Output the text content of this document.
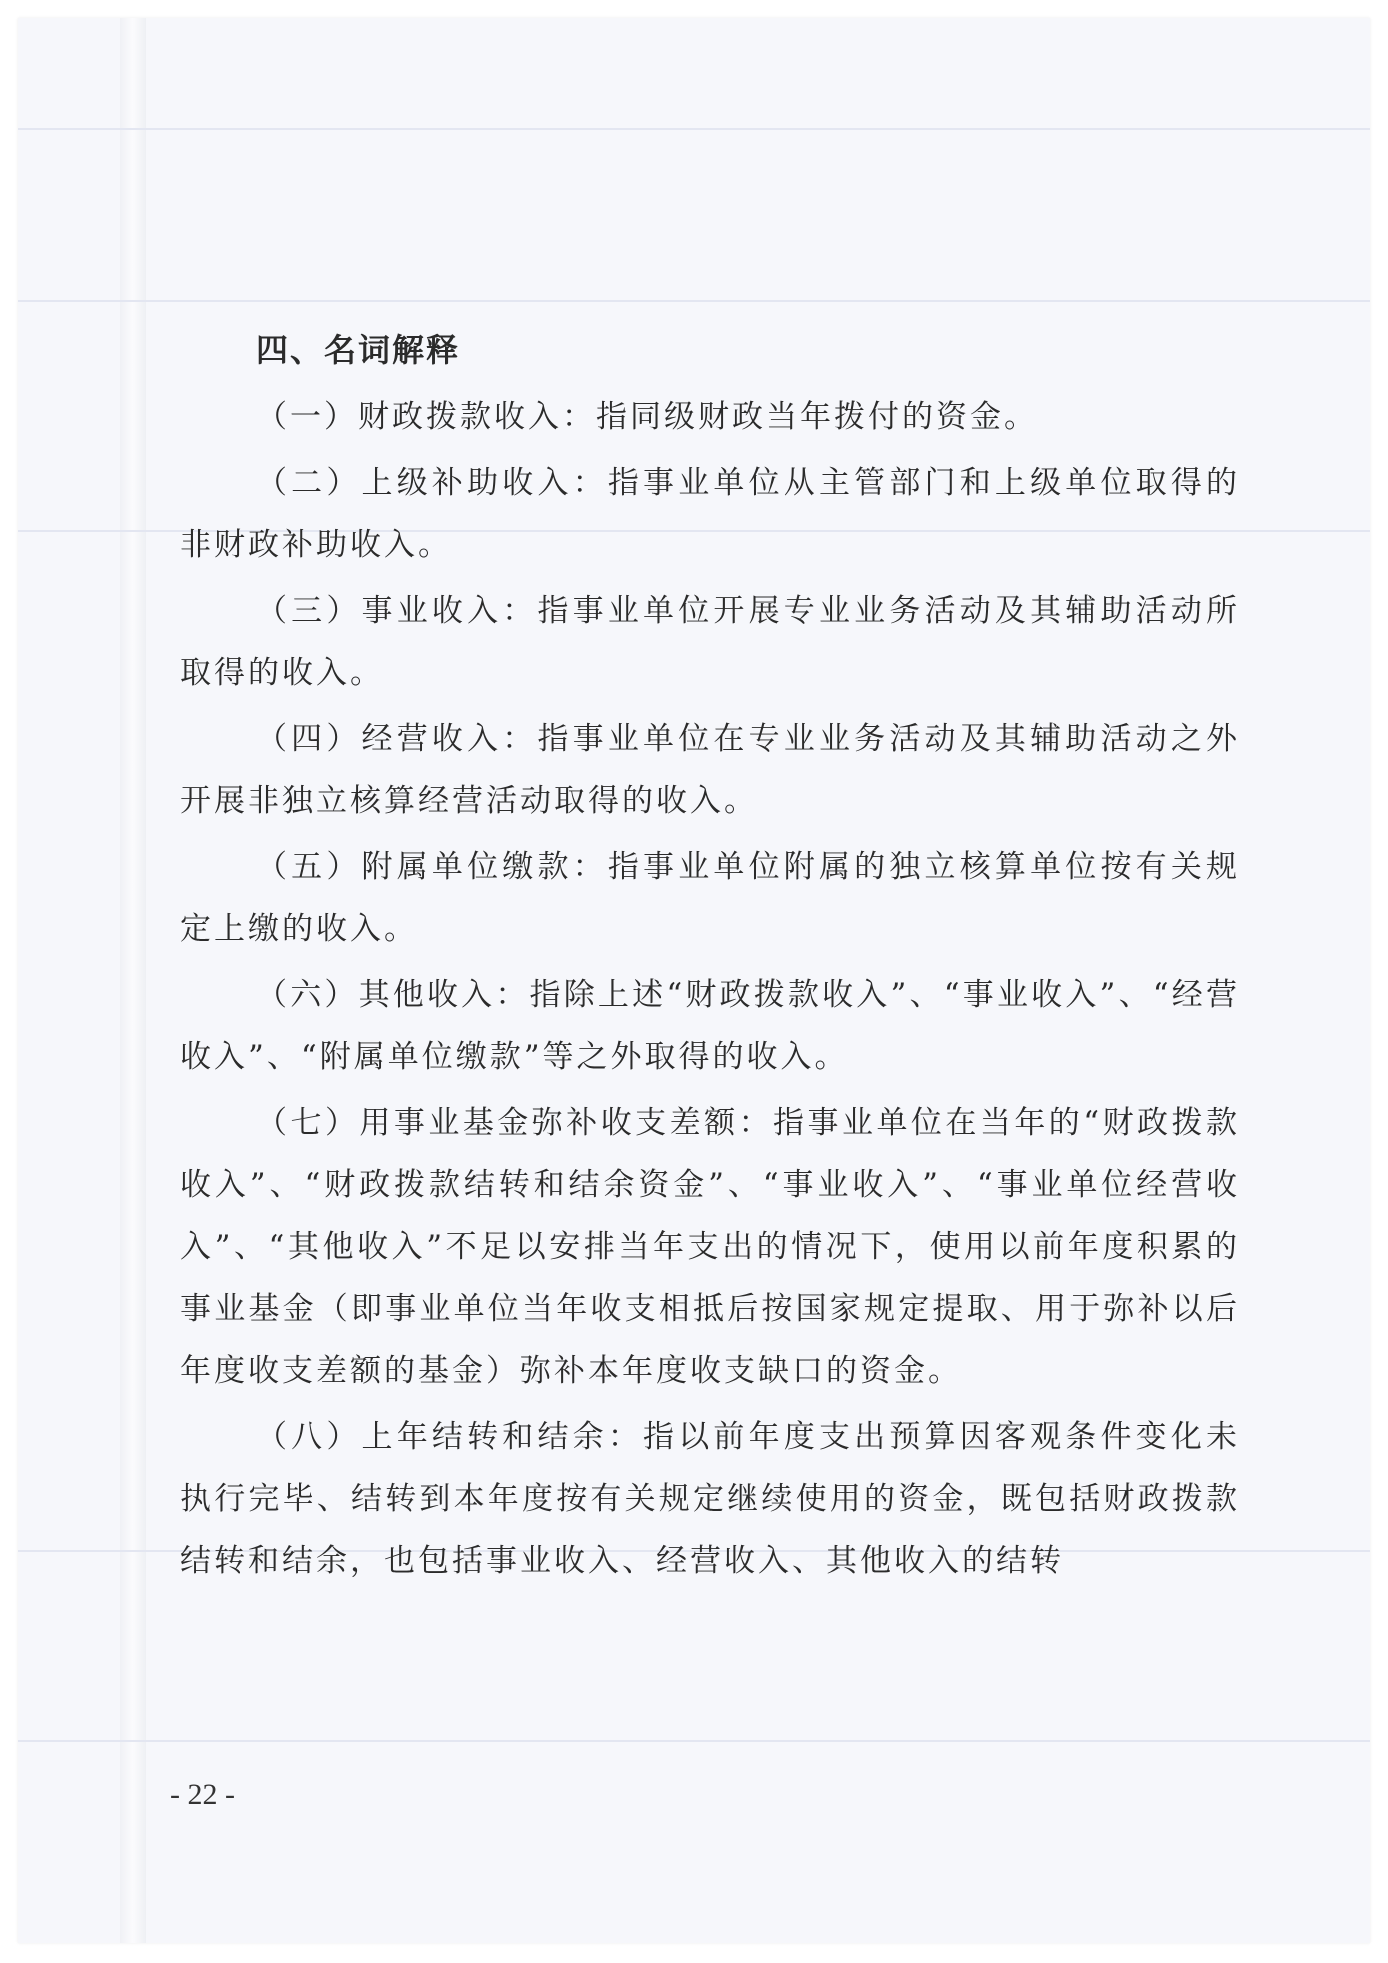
四、名词解释

（一）财政拨款收入：指同级财政当年拨付的资金。

（二）上级补助收入：指事业单位从主管部门和上级单位取得的非财政补助收入。

（三）事业收入：指事业单位开展专业业务活动及其辅助活动所取得的收入。

（四）经营收入：指事业单位在专业业务活动及其辅助活动之外开展非独立核算经营活动取得的收入。

（五）附属单位缴款：指事业单位附属的独立核算单位按有关规定上缴的收入。

（六）其他收入：指除上述“财政拨款收入”、“事业收入”、“经营收入”、“附属单位缴款”等之外取得的收入。

（七）用事业基金弥补收支差额：指事业单位在当年的“财政拨款收入”、“财政拨款结转和结余资金”、“事业收入”、“事业单位经营收入”、“其他收入”不足以安排当年支出的情况下，使用以前年度积累的事业基金（即事业单位当年收支相抵后按国家规定提取、用于弥补以后年度收支差额的基金）弥补本年度收支缺口的资金。

（八）上年结转和结余：指以前年度支出预算因客观条件变化未执行完毕、结转到本年度按有关规定继续使用的资金，既包括财政拨款结转和结余，也包括事业收入、经营收入、其他收入的结转

- 22 -
